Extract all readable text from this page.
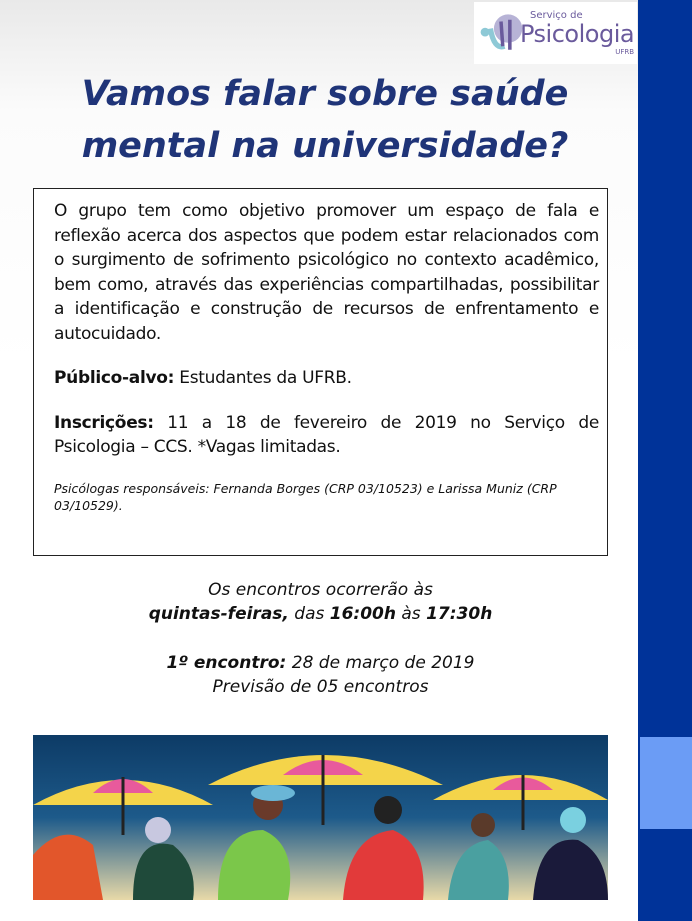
Serviço de
Psicologia
UFRB
Vamos falar sobre saúde
mental na universidade?

O grupo tem como objetivo promover um espaço de fala e reflexão acerca dos aspectos que podem estar relacionados com o surgimento de sofrimento psicológico no contexto acadêmico, bem como, através das experiências compartilhadas, possibilitar a identificação e construção de recursos de enfrentamento e autocuidado.

Público-alvo: Estudantes da UFRB.

Inscrições: 11 a 18 de fevereiro de 2019 no Serviço de Psicologia – CCS. *Vagas limitadas.

Psicólogas responsáveis: Fernanda Borges (CRP 03/10523) e Larissa Muniz (CRP 03/10529).
Os encontros ocorrerão às
quintas-feiras, das 16:00h às 17:30h
1º encontro: 28 de março de 2019
Previsão de 05 encontros
